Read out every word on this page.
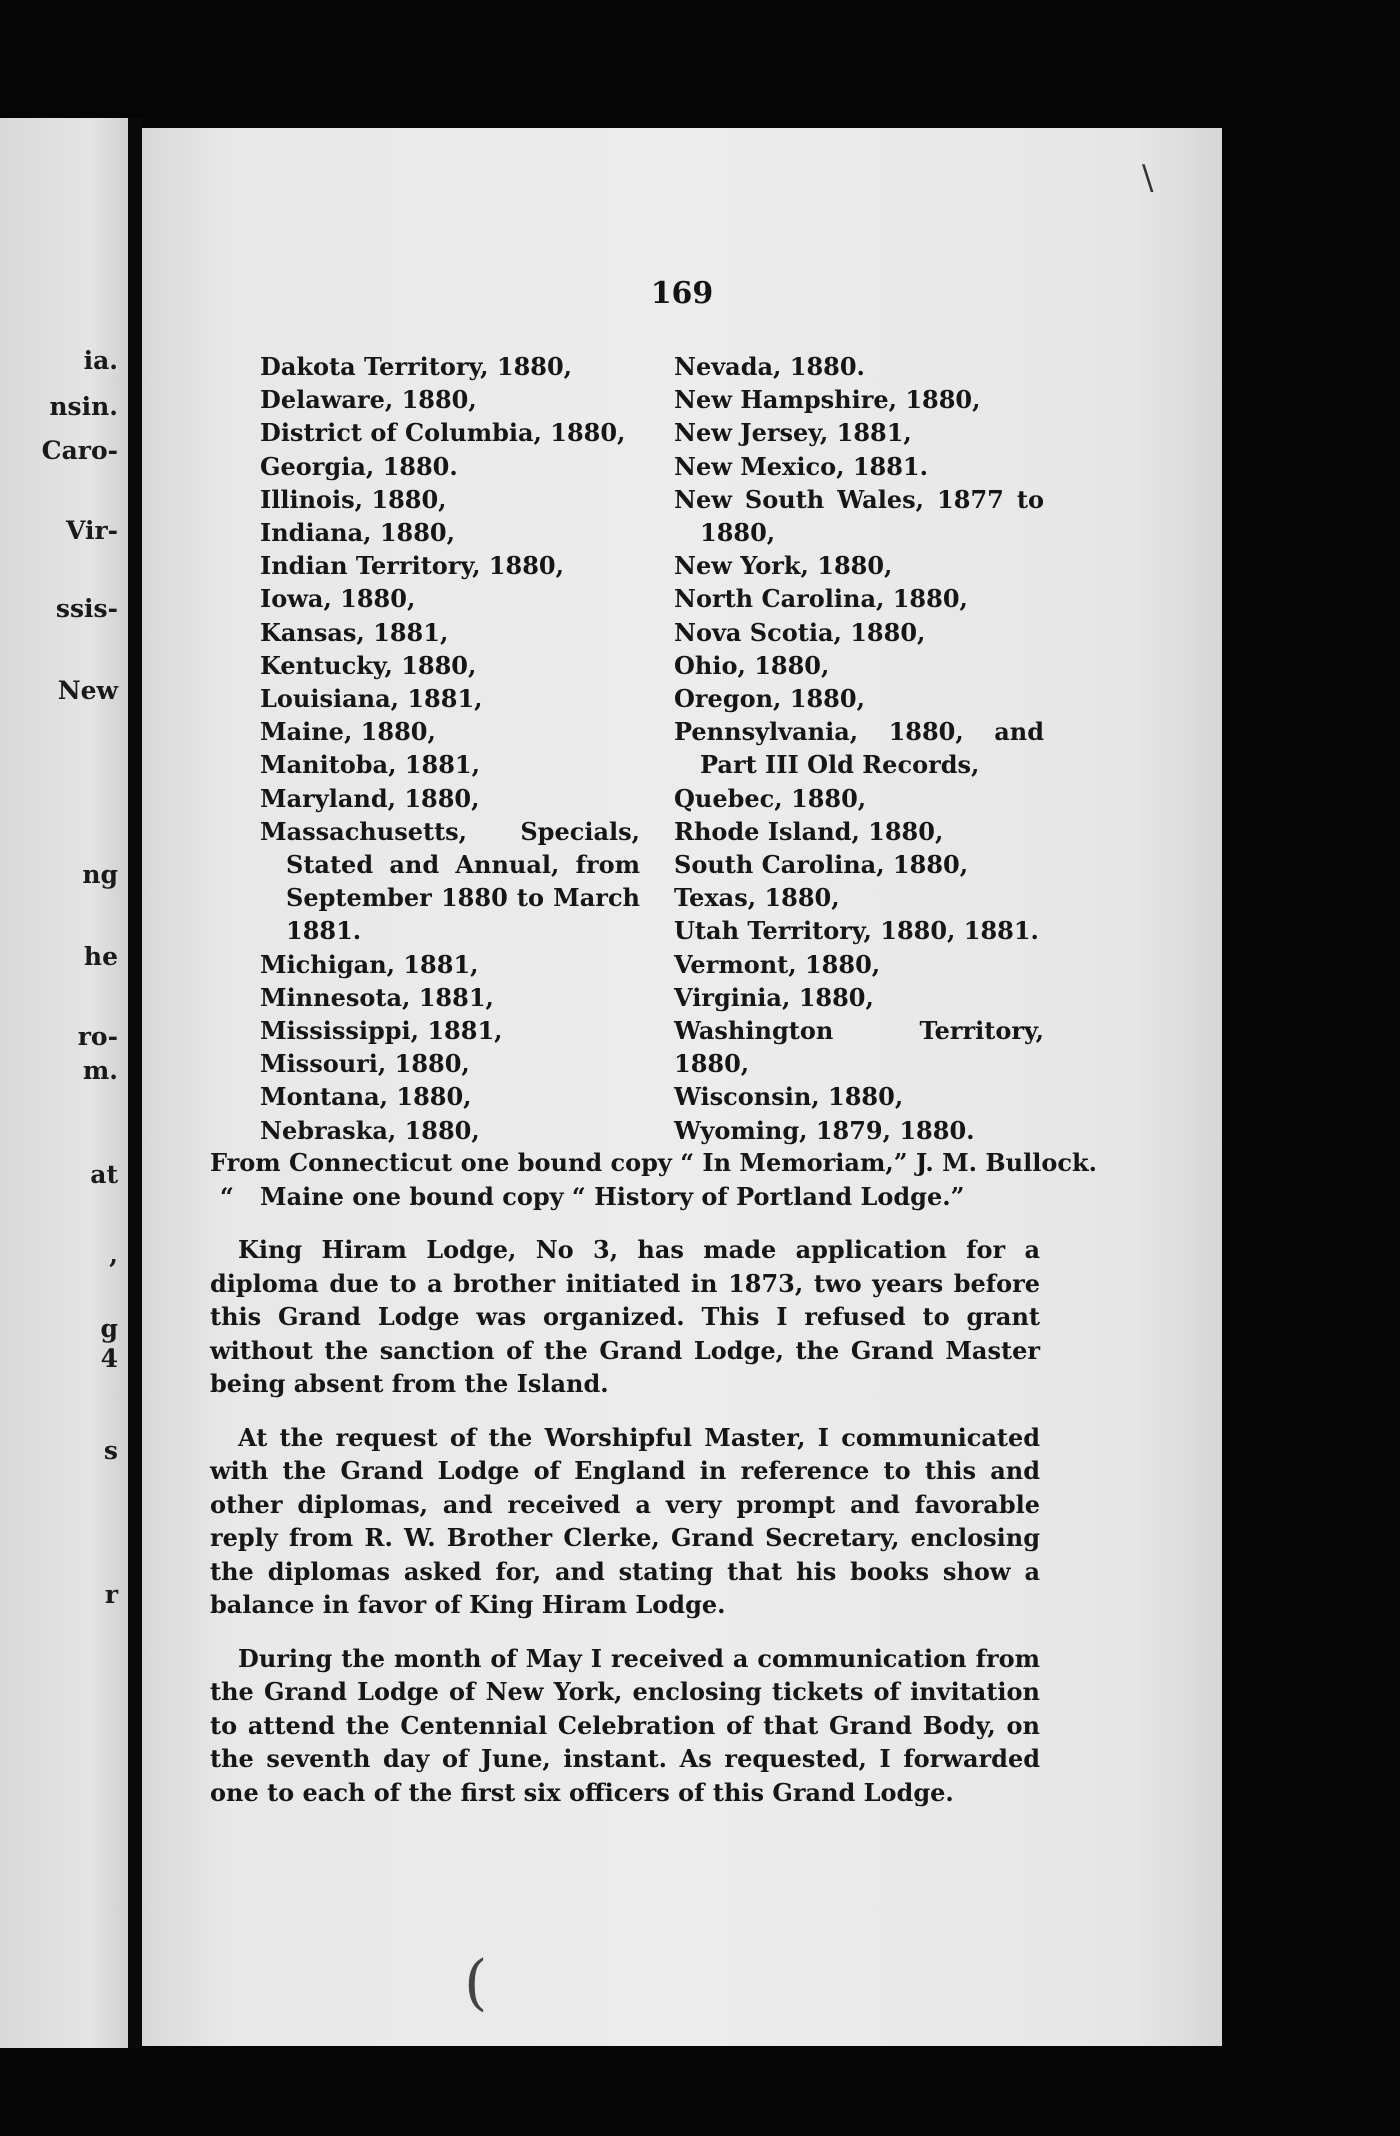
ia.
nsin.
Caro-
Vir-
ssis-
New
ng
he
ro-
m.
at
,
g
4
s
r
169
Dakota Territory, 1880,
Delaware, 1880,
District of Columbia, 1880,
Georgia, 1880.
Illinois, 1880,
Indiana, 1880,
Indian Territory, 1880,
Iowa, 1880,
Kansas, 1881,
Kentucky, 1880,
Louisiana, 1881,
Maine, 1880,
Manitoba, 1881,
Maryland, 1880,
Massachusetts, Specials, Stated and Annual, from September 1880 to March 1881.
Michigan, 1881,
Minnesota, 1881,
Mississippi, 1881,
Missouri, 1880,
Montana, 1880,
Nebraska, 1880,
Nevada, 1880.
New Hampshire, 1880,
New Jersey, 1881,
New Mexico, 1881.
New South Wales, 1877 to 1880,
New York, 1880,
North Carolina, 1880,
Nova Scotia, 1880,
Ohio, 1880,
Oregon, 1880,
Pennsylvania, 1880, and Part III Old Records,
Quebec, 1880,
Rhode Island, 1880,
South Carolina, 1880,
Texas, 1880,
Utah Territory, 1880, 1881.
Vermont, 1880,
Virginia, 1880,
Washington Territory, 1880,
Wisconsin, 1880,
Wyoming, 1879, 1880.

From Connecticut one bound copy “ In Memoriam,” J. M. Bullock.
“ Maine one bound copy “ History of Portland Lodge.”

King Hiram Lodge, No 3, has made application for a diploma due to a brother initiated in 1873, two years before this Grand Lodge was organized. This I refused to grant without the sanction of the Grand Lodge, the Grand Master being absent from the Island.

At the request of the Worshipful Master, I communicated with the Grand Lodge of England in reference to this and other diplomas, and received a very prompt and favorable reply from R. W. Brother Clerke, Grand Secretary, enclosing the diplomas asked for, and stating that his books show a balance in favor of King Hiram Lodge.

During the month of May I received a communication from the Grand Lodge of New York, enclosing tickets of invitation to attend the Centennial Celebration of that Grand Body, on the seventh day of June, instant. As requested, I forwarded one to each of the first six officers of this Grand Lodge.

(
\
